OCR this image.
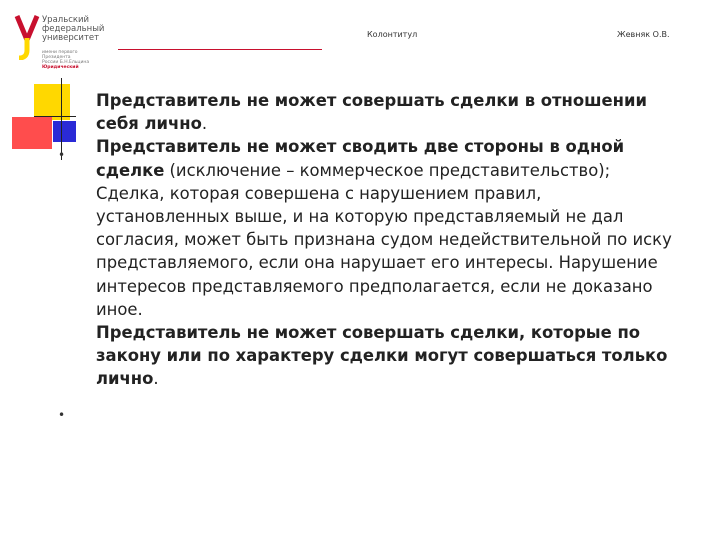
Уральский
федеральный
университет
имени первого Президента
России Б.Н.Ельцина
Юридический
Колонтитул	Жевняк О.В.
•
•

Представитель не может совершать сделки в отношении себя лично.

Представитель не может сводить две стороны в одной сделке (исключение – коммерческое представительство);

Сделка, которая совершена с нарушением правил, установленных выше, и на которую представляемый не дал согласия, может быть признана судом недействительной по иску представляемого, если она нарушает его интересы. Нарушение интересов представляемого предполагается, если не доказано иное.

Представитель не может совершать сделки, которые по закону или по характеру сделки могут совершаться только лично.
